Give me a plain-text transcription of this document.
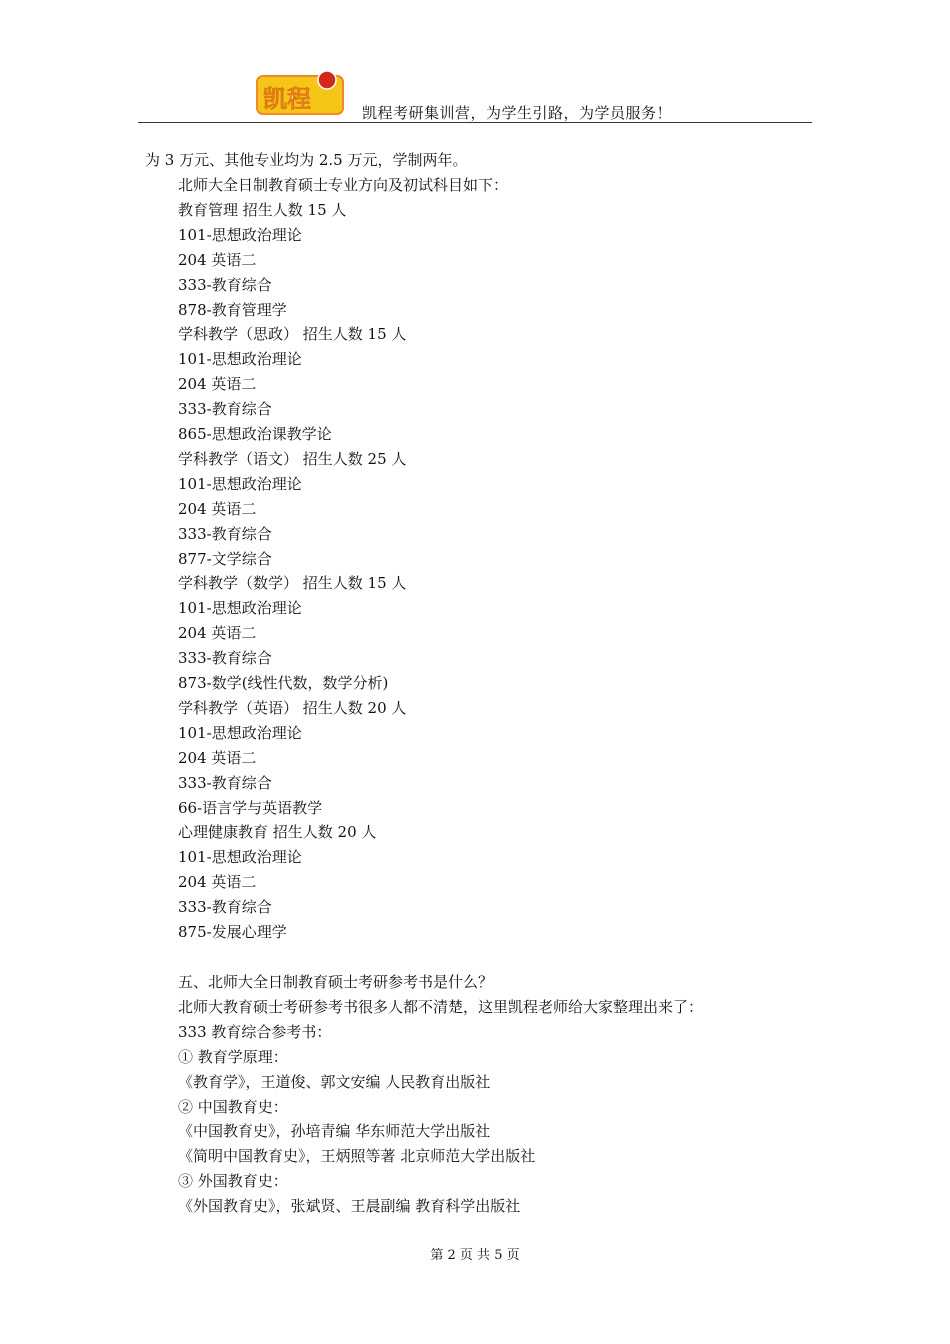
凯程	凯程考研集训营，为学生引路，为学员服务！
为 3 万元、其他专业均为 2.5 万元，学制两年。
北师大全日制教育硕士专业方向及初试科目如下：
教育管理 招生人数 15 人
101-思想政治理论
204 英语二
333-教育综合
878-教育管理学
学科教学（思政） 招生人数 15 人
101-思想政治理论
204 英语二
333-教育综合
865-思想政治课教学论
学科教学（语文） 招生人数 25 人
101-思想政治理论
204 英语二
333-教育综合
877-文学综合
学科教学（数学） 招生人数 15 人
101-思想政治理论
204 英语二
333-教育综合
873-数学(线性代数，数学分析)
学科教学（英语） 招生人数 20 人
101-思想政治理论
204 英语二
333-教育综合
66-语言学与英语教学
心理健康教育 招生人数 20 人
101-思想政治理论
204 英语二
333-教育综合
875-发展心理学
五、北师大全日制教育硕士考研参考书是什么？
北师大教育硕士考研参考书很多人都不清楚，这里凯程老师给大家整理出来了：
333 教育综合参考书：
① 教育学原理：
《教育学》，王道俊、郭文安编 人民教育出版社
② 中国教育史：
《中国教育史》，孙培青编 华东师范大学出版社
《简明中国教育史》，王炳照等著 北京师范大学出版社
③ 外国教育史：
《外国教育史》，张斌贤、王晨副编 教育科学出版社
第 2 页 共 5 页
